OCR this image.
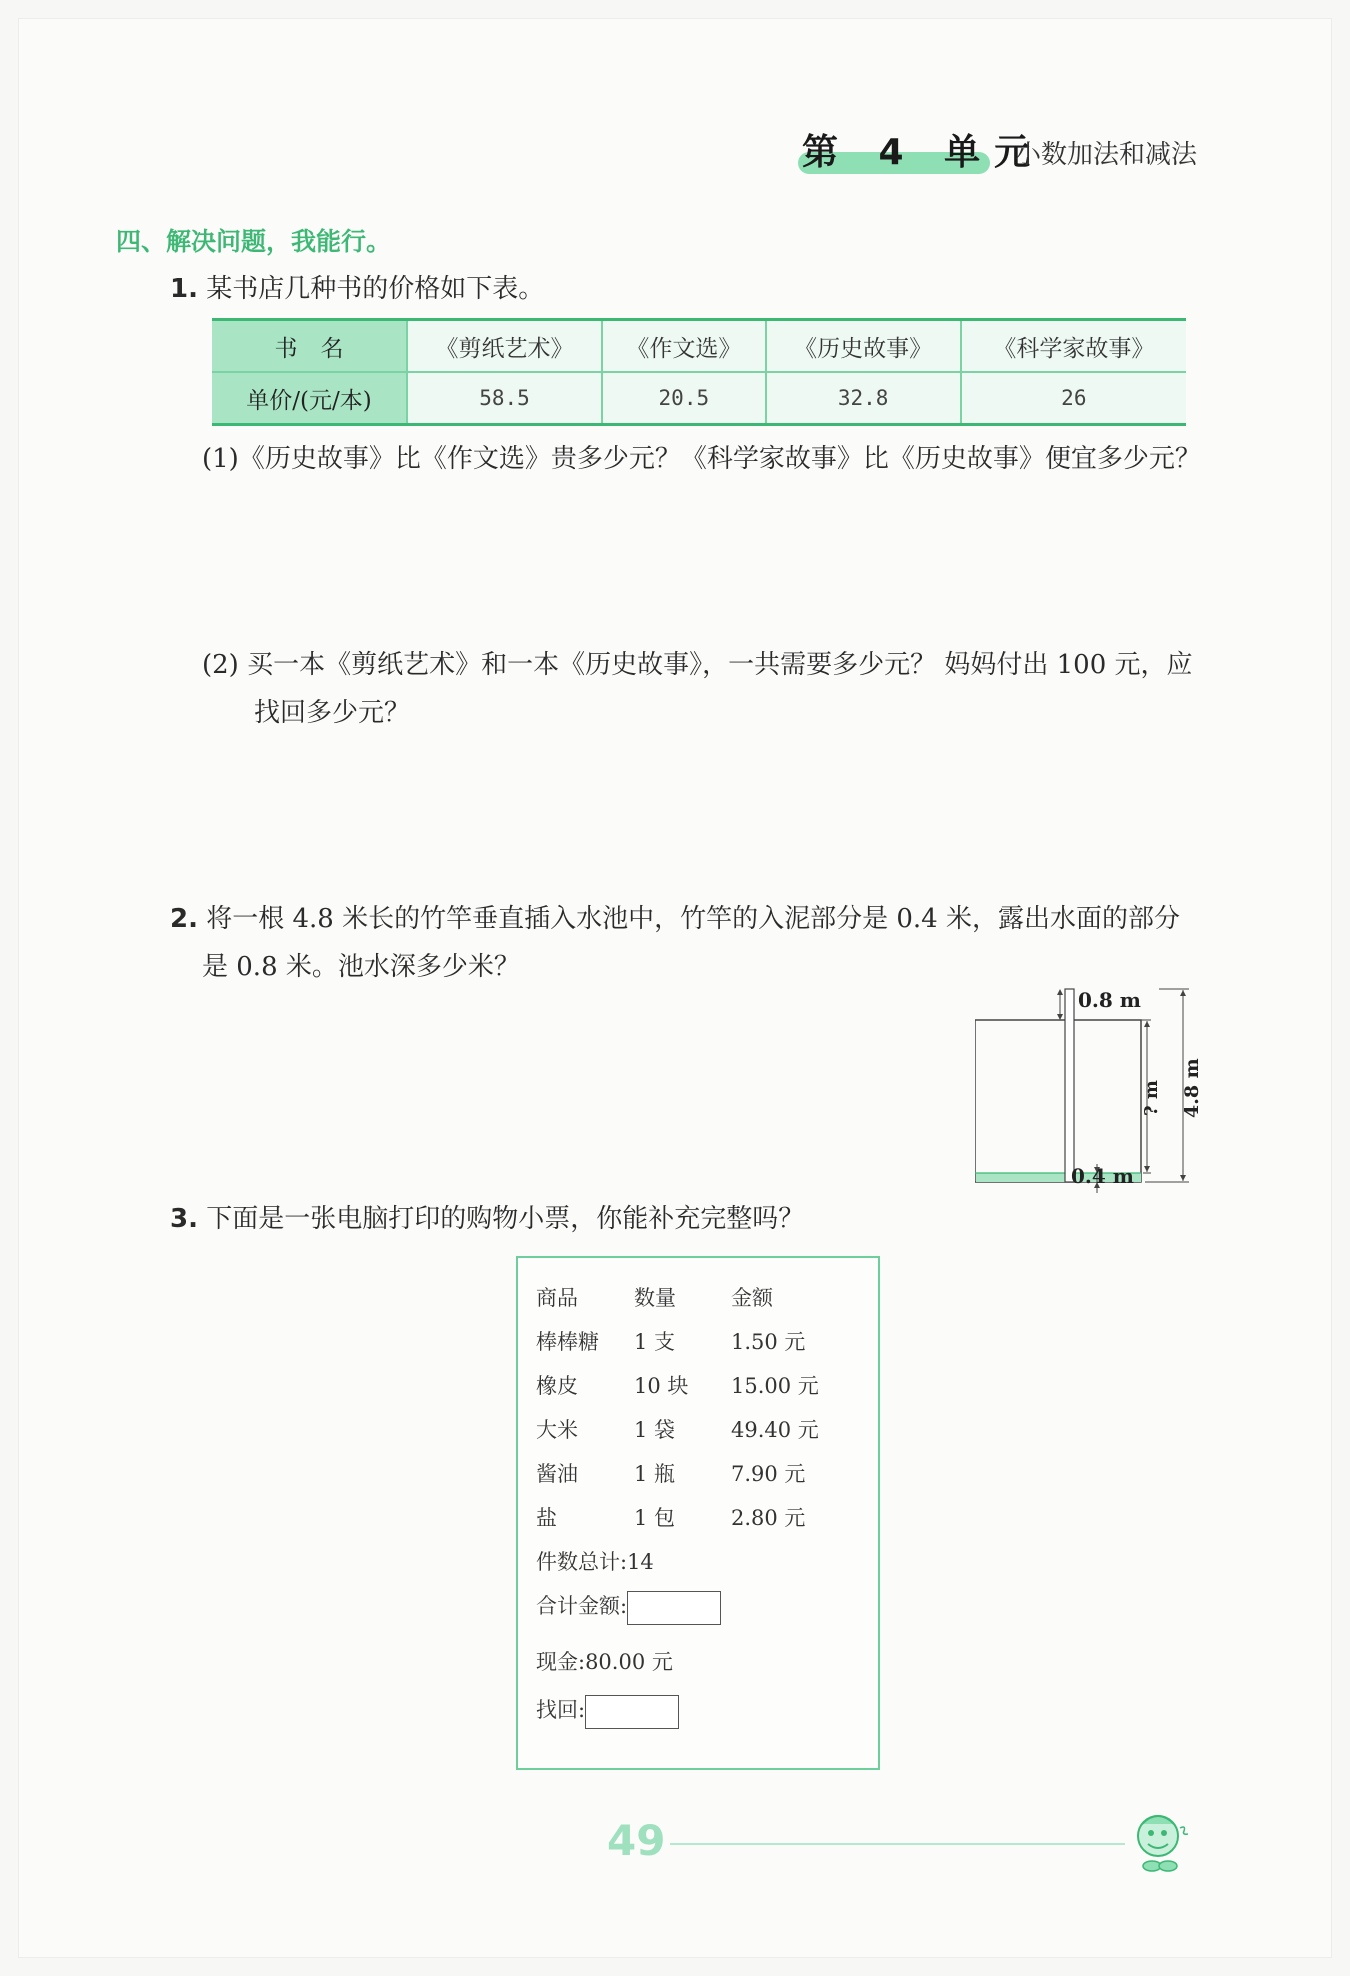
第 4 单元
小数加法和减法
四、解决问题，我能行。
1. 某书店几种书的价格如下表。
书　名	《剪纸艺术》	《作文选》	《历史故事》	《科学家故事》
单价/(元/本)	58.5	20.5	32.8	26
(1)《历史故事》比《作文选》贵多少元？《科学家故事》比《历史故事》便宜多少元？
(2) 买一本《剪纸艺术》和一本《历史故事》，一共需要多少元？ 妈妈付出 100 元，应
找回多少元？
2. 将一根 4.8 米长的竹竿垂直插入水池中，竹竿的入泥部分是 0.4 米，露出水面的部分
是 0.8 米。池水深多少米？
0.8 m
0.4 m
? m 4.8 m
3. 下面是一张电脑打印的购物小票，你能补充完整吗？
商品	数量	金额
棒棒糖 1 支	1.50 元
橡皮	10 块 15.00 元
大米	1 袋	49.40 元
酱油	1 瓶	7.90 元
盐	1 包	2.80 元
件数总计:14
合计金额:
现金:80.00 元
找回:
49
